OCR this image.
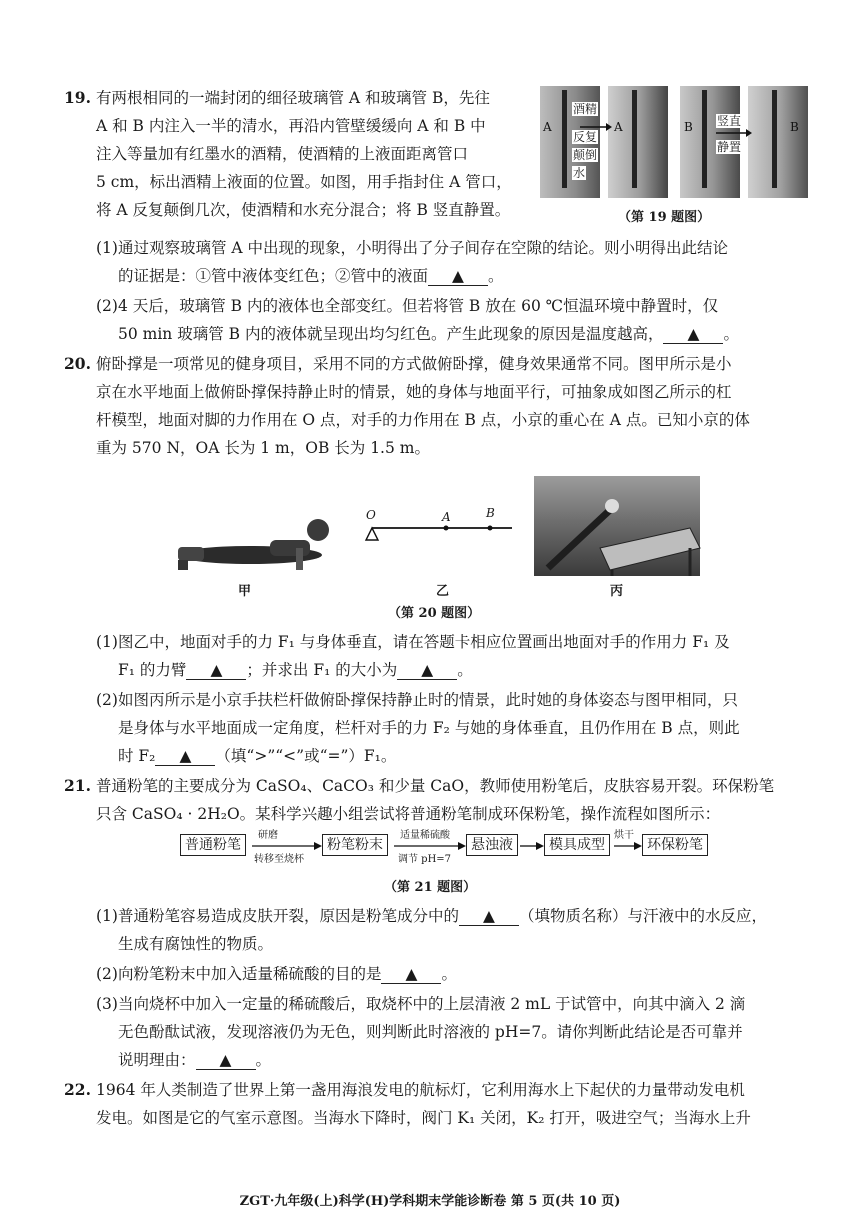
19. 有两根相同的一端封闭的细径玻璃管 A 和玻璃管 B，先往
A 和 B 内注入一半的清水，再沿内管壁缓缓向 A 和 B 中
注入等量加有红墨水的酒精，使酒精的上液面距离管口
5 cm，标出酒精上液面的位置。如图，用手指封住 A 管口，
将 A 反复颠倒几次，使酒精和水充分混合；将 B 竖直静置。
酒精
A
反复
颠倒
水
A	B 竖直
静置
B
（第 19 题图）
(1)通过观察玻璃管 A 中出现的现象，小明得出了分子间存在空隙的结论。则小明得出此结论
的证据是：①管中液体变红色；②管中的液面 ▲ 。
(2)4 天后，玻璃管 B 内的液体也全部变红。但若将管 B 放在 60 ℃恒温环境中静置时，仅
50 min 玻璃管 B 内的液体就呈现出均匀红色。产生此现象的原因是温度越高， ▲ 。
20. 俯卧撑是一项常见的健身项目，采用不同的方式做俯卧撑，健身效果通常不同。图甲所示是小
京在水平地面上做俯卧撑保持静止时的情景，她的身体与地面平行，可抽象成如图乙所示的杠
杆模型，地面对脚的力作用在 O 点，对手的力作用在 B 点，小京的重心在 A 点。已知小京的体
重为 570 N，OA 长为 1 m，OB 长为 1.5 m。
甲
O	A	B
乙	丙
（第 20 题图）
(1)图乙中，地面对手的力 F₁ 与身体垂直，请在答题卡相应位置画出地面对手的作用力 F₁ 及
F₁ 的力臂 ▲ ；并求出 F₁ 的大小为 ▲ 。
(2)如图丙所示是小京手扶栏杆做俯卧撑保持静止时的情景，此时她的身体姿态与图甲相同，只
是身体与水平地面成一定角度，栏杆对手的力 F₂ 与她的身体垂直，且仍作用在 B 点，则此
时 F₂ ▲ （填“>”“<”或“=”）F₁。
21. 普通粉笔的主要成分为 CaSO₄、CaCO₃ 和少量 CaO，教师使用粉笔后，皮肤容易开裂。环保粉笔
只含 CaSO₄ · 2H₂O。某科学兴趣小组尝试将普通粉笔制成环保粉笔，操作流程如图所示：
普通粉笔
研磨
转移至烧杯
粉笔粉末
适量稀硫酸
调节 pH=7
悬浊液	模具成型
烘干
环保粉笔
（第 21 题图）
(1)普通粉笔容易造成皮肤开裂，原因是粉笔成分中的 ▲ （填物质名称）与汗液中的水反应，
生成有腐蚀性的物质。
(2)向粉笔粉末中加入适量稀硫酸的目的是 ▲ 。
(3)当向烧杯中加入一定量的稀硫酸后，取烧杯中的上层清液 2 mL 于试管中，向其中滴入 2 滴
无色酚酞试液，发现溶液仍为无色，则判断此时溶液的 pH=7。请你判断此结论是否可靠并
说明理由： ▲ 。
22. 1964 年人类制造了世界上第一盏用海浪发电的航标灯，它利用海水上下起伏的力量带动发电机
发电。如图是它的气室示意图。当海水下降时，阀门 K₁ 关闭，K₂ 打开，吸进空气；当海水上升
ZGT·九年级(上)科学(H)学科期末学能诊断卷 第 5 页(共 10 页)
